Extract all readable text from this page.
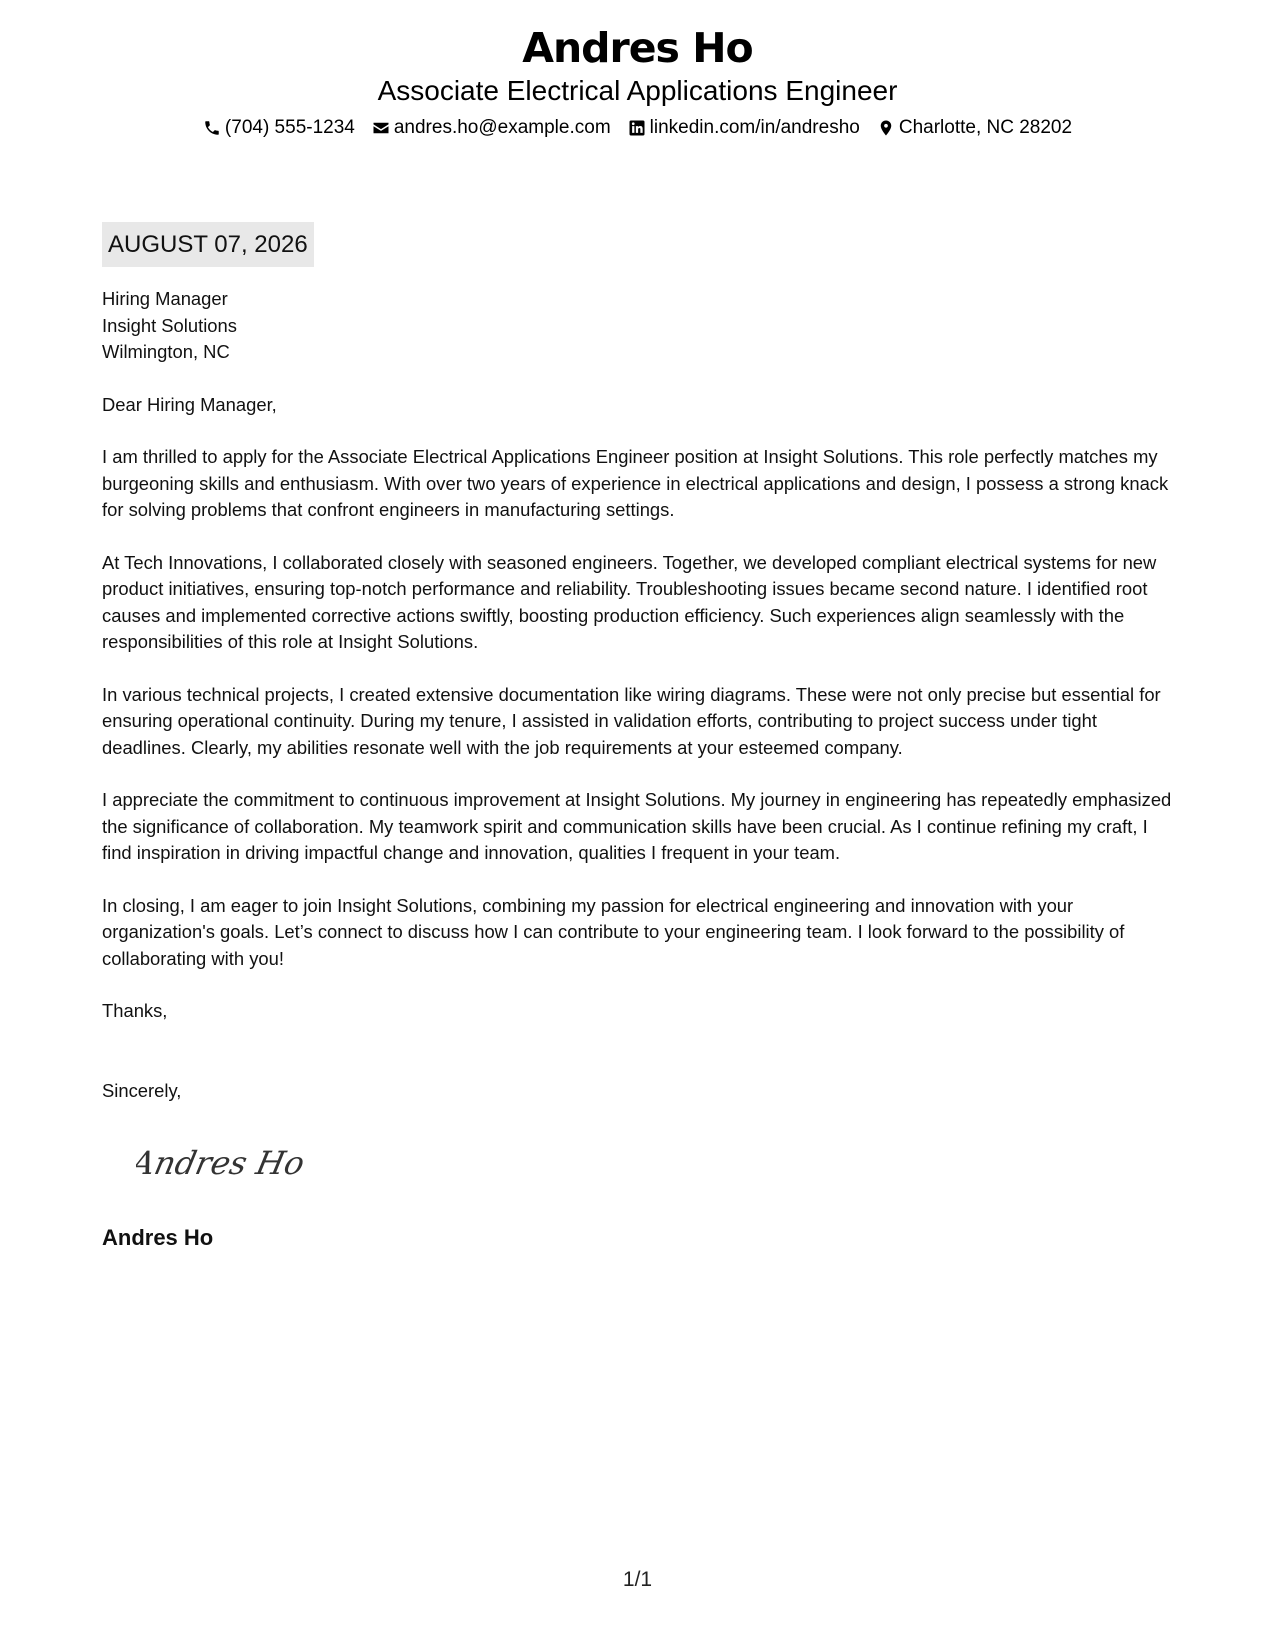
Andres Ho
Associate Electrical Applications Engineer
(704) 555-1234 andres.ho@example.com linkedin.com/in/andresho Charlotte, NC 28202
AUGUST 07, 2026

Hiring Manager

Insight Solutions

Wilmington, NC

Dear Hiring Manager,

I am thrilled to apply for the Associate Electrical Applications Engineer position at Insight Solutions. This role perfectly matches my burgeoning skills and enthusiasm. With over two years of experience in electrical applications and design, I possess a strong knack for solving problems that confront engineers in manufacturing settings.

At Tech Innovations, I collaborated closely with seasoned engineers. Together, we developed compliant electrical systems for new product initiatives, ensuring top-notch performance and reliability. Troubleshooting issues became second nature. I identified root causes and implemented corrective actions swiftly, boosting production efficiency. Such experiences align seamlessly with the responsibilities of this role at Insight Solutions.

In various technical projects, I created extensive documentation like wiring diagrams. These were not only precise but essential for ensuring operational continuity. During my tenure, I assisted in validation efforts, contributing to project success under tight deadlines. Clearly, my abilities resonate well with the job requirements at your esteemed company.

I appreciate the commitment to continuous improvement at Insight Solutions. My journey in engineering has repeatedly emphasized the significance of collaboration. My teamwork spirit and communication skills have been crucial. As I continue refining my craft, I find inspiration in driving impactful change and innovation, qualities I frequent in your team.

In closing, I am eager to join Insight Solutions, combining my passion for electrical engineering and innovation with your organization's goals. Let’s connect to discuss how I can contribute to your engineering team. I look forward to the possibility of collaborating with you!

Thanks,

Sincerely,

Andres Ho
Andres Ho
1/1
